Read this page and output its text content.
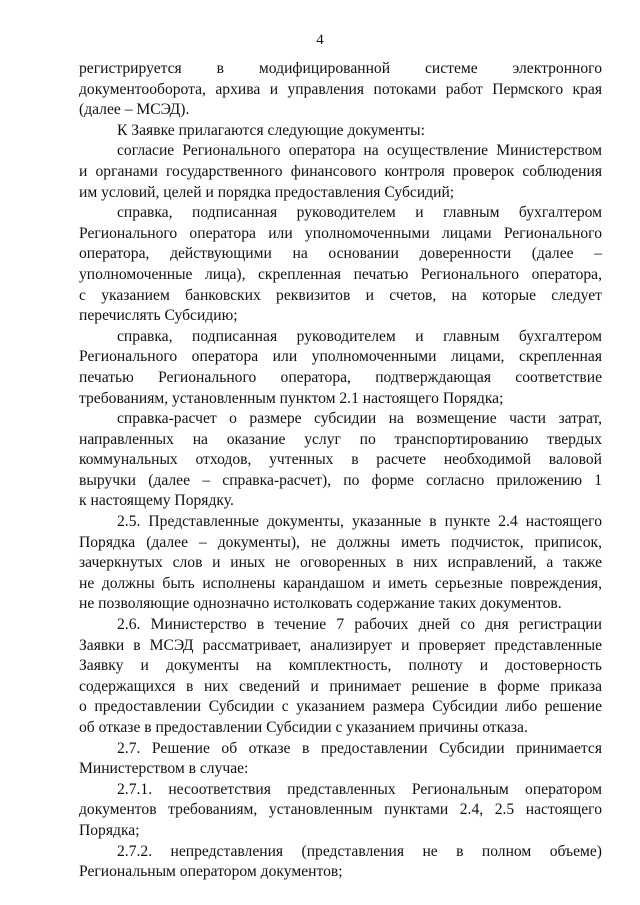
4
регистрируется в модифицированной системе электронного
документооборота, архива и управления потоками работ Пермского края
(далее – МСЭД).
К Заявке прилагаются следующие документы:
согласие Регионального оператора на осуществление Министерством
и органами государственного финансового контроля проверок соблюдения
им условий, целей и порядка предоставления Субсидий;
справка, подписанная руководителем и главным бухгалтером
Регионального оператора или уполномоченными лицами Регионального
оператора, действующими на основании доверенности (далее –
уполномоченные лица), скрепленная печатью Регионального оператора,
с указанием банковских реквизитов и счетов, на которые следует
перечислять Субсидию;
справка, подписанная руководителем и главным бухгалтером
Регионального оператора или уполномоченными лицами, скрепленная
печатью Регионального оператора, подтверждающая соответствие
требованиям, установленным пунктом 2.1 настоящего Порядка;
справка-расчет о размере субсидии на возмещение части затрат,
направленных на оказание услуг по транспортированию твердых
коммунальных отходов, учтенных в расчете необходимой валовой
выручки (далее – справка-расчет), по форме согласно приложению 1
к настоящему Порядку.
2.5. Представленные документы, указанные в пункте 2.4 настоящего
Порядка (далее – документы), не должны иметь подчисток, приписок,
зачеркнутых слов и иных не оговоренных в них исправлений, а также
не должны быть исполнены карандашом и иметь серьезные повреждения,
не позволяющие однозначно истолковать содержание таких документов.
2.6. Министерство в течение 7 рабочих дней со дня регистрации
Заявки в МСЭД рассматривает, анализирует и проверяет представленные
Заявку и документы на комплектность, полноту и достоверность
содержащихся в них сведений и принимает решение в форме приказа
о предоставлении Субсидии с указанием размера Субсидии либо решение
об отказе в предоставлении Субсидии с указанием причины отказа.
2.7. Решение об отказе в предоставлении Субсидии принимается
Министерством в случае:
2.7.1. несоответствия представленных Региональным оператором
документов требованиям, установленным пунктами 2.4, 2.5 настоящего
Порядка;
2.7.2. непредставления (представления не в полном объеме)
Региональным оператором документов;
